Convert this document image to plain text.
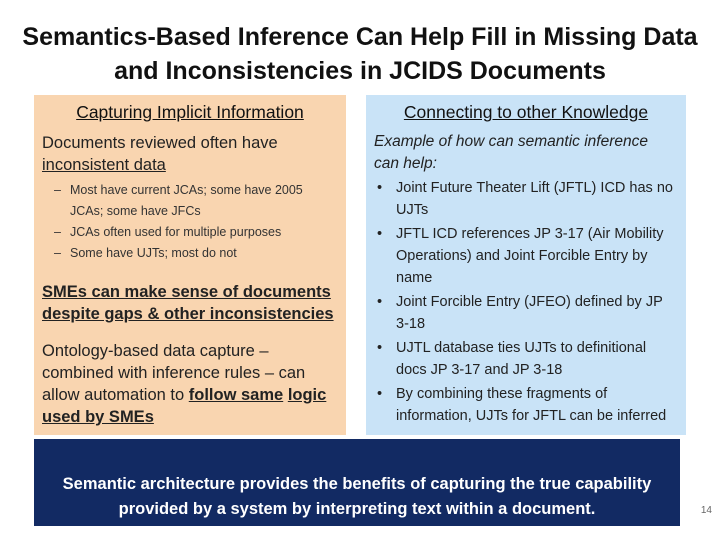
Semantics-Based Inference Can Help Fill in Missing Data and Inconsistencies in JCIDS Documents
Capturing Implicit Information
Documents reviewed often have inconsistent data
– Most have current JCAs; some have 2005 JCAs; some have JFCs
– JCAs often used for multiple purposes
– Some have UJTs; most do not
SMEs can make sense of documents despite gaps & other inconsistencies
Ontology-based data capture – combined with inference rules – can allow automation to follow same logic used by SMEs
Connecting to other Knowledge
Example of how can semantic inference can help:
• Joint Future Theater Lift (JFTL) ICD has no UJTs
• JFTL ICD references JP 3-17 (Air Mobility Operations) and Joint Forcible Entry by name
• Joint Forcible Entry (JFEO) defined by JP 3-18
• UJTL database ties UJTs to definitional docs JP 3-17 and JP 3-18
• By combining these fragments of information, UJTs for JFTL can be inferred
Semantic architecture provides the benefits of capturing the true capability provided by a system by interpreting text within a document.	14
